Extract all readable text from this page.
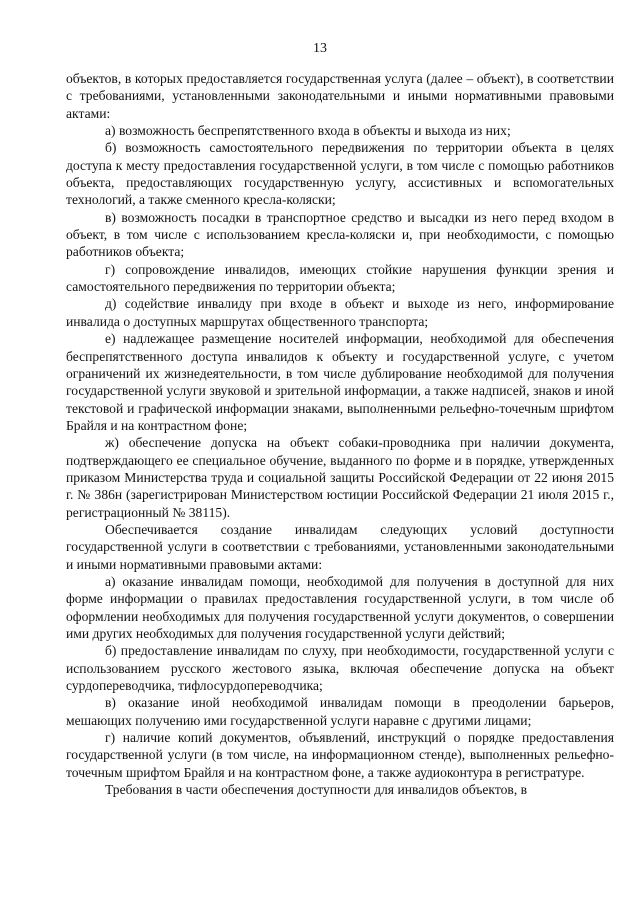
13

объектов, в которых предоставляется государственная услуга (далее – объект), в соответствии с требованиями, установленными законодательными и иными нормативными правовыми актами:

а) возможность беспрепятственного входа в объекты и выхода из них;

б) возможность самостоятельного передвижения по территории объекта в целях доступа к месту предоставления государственной услуги, в том числе с помощью работников объекта, предоставляющих государственную услугу, ассистивных и вспомогательных технологий, а также сменного кресла-коляски;

в) возможность посадки в транспортное средство и высадки из него перед входом в объект, в том числе с использованием кресла-коляски и, при необходимости, с помощью работников объекта;

г) сопровождение инвалидов, имеющих стойкие нарушения функции зрения и самостоятельного передвижения по территории объекта;

д) содействие инвалиду при входе в объект и выходе из него, информирование инвалида о доступных маршрутах общественного транспорта;

е) надлежащее размещение носителей информации, необходимой для обеспечения беспрепятственного доступа инвалидов к объекту и государственной услуге, с учетом ограничений их жизнедеятельности, в том числе дублирование необходимой для получения государственной услуги звуковой и зрительной информации, а также надписей, знаков и иной текстовой и графической информации знаками, выполненными рельефно-точечным шрифтом Брайля и на контрастном фоне;

ж) обеспечение допуска на объект собаки-проводника при наличии документа, подтверждающего ее специальное обучение, выданного по форме и в порядке, утвержденных приказом Министерства труда и социальной защиты Российской Федерации от 22 июня 2015 г. № 386н (зарегистрирован Министерством юстиции Российской Федерации 21 июля 2015 г., регистрационный № 38115).

Обеспечивается создание инвалидам следующих условий доступности государственной услуги в соответствии с требованиями, установленными законодательными и иными нормативными правовыми актами:

а) оказание инвалидам помощи, необходимой для получения в доступной для них форме информации о правилах предоставления государственной услуги, в том числе об оформлении необходимых для получения государственной услуги документов, о совершении ими других необходимых для получения государственной услуги действий;

б) предоставление инвалидам по слуху, при необходимости, государственной услуги с использованием русского жестового языка, включая обеспечение допуска на объект сурдопереводчика, тифлосурдопереводчика;

в) оказание иной необходимой инвалидам помощи в преодолении барьеров, мешающих получению ими государственной услуги наравне с другими лицами;

г) наличие копий документов, объявлений, инструкций о порядке предоставления государственной услуги (в том числе, на информационном стенде), выполненных рельефно-точечным шрифтом Брайля и на контрастном фоне, а также аудиоконтура в регистратуре.

Требования в части обеспечения доступности для инвалидов объектов, в
